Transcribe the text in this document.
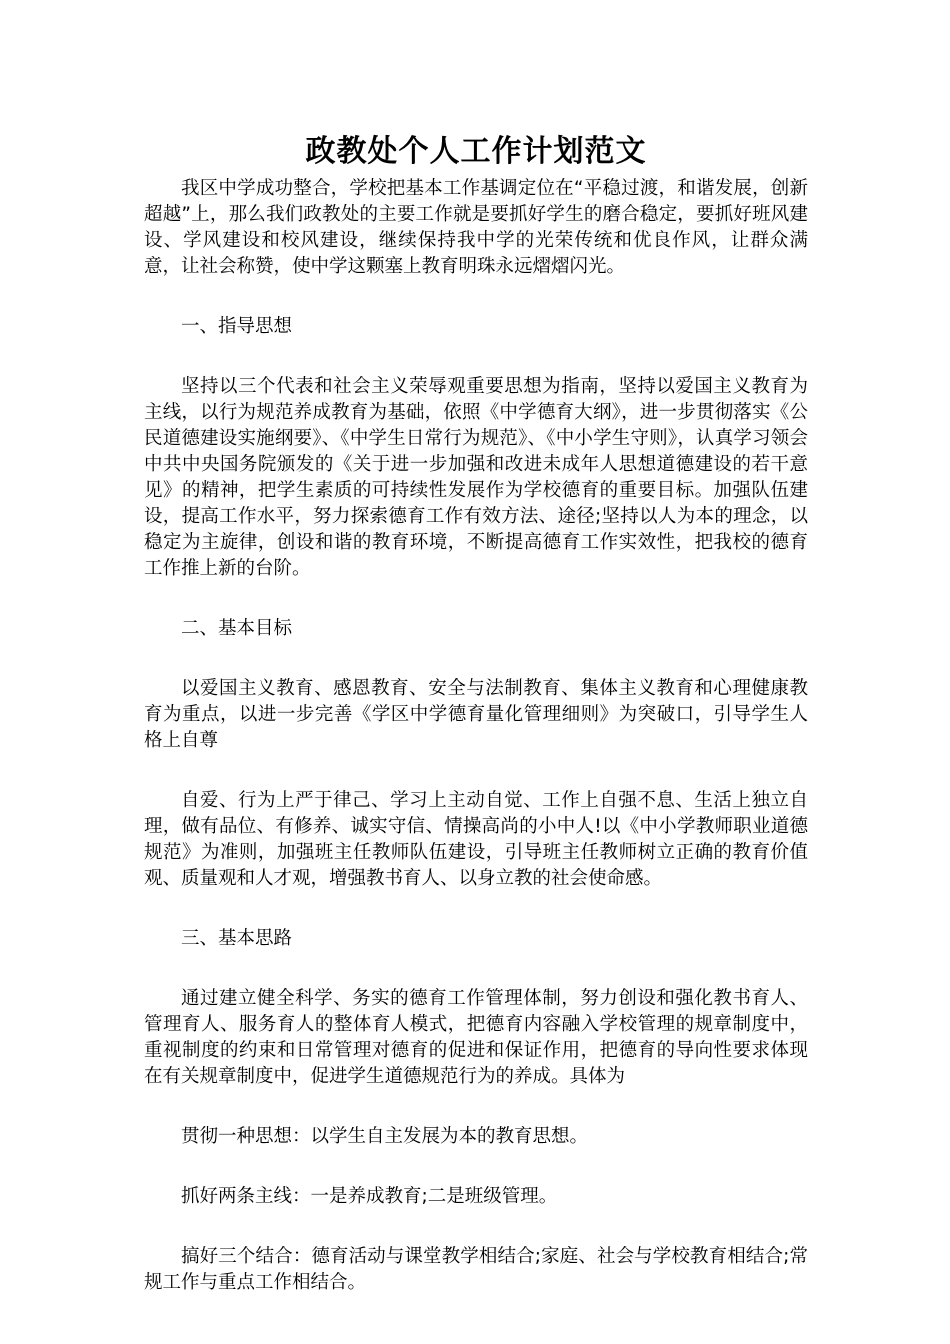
政教处个人工作计划范文

我区中学成功整合，学校把基本工作基调定位在“平稳过渡，和谐发展，创新超越”上，那么我们政教处的主要工作就是要抓好学生的磨合稳定，要抓好班风建设、学风建设和校风建设，继续保持我中学的光荣传统和优良作风，让群众满意，让社会称赞，使中学这颗塞上教育明珠永远熠熠闪光。

一、指导思想

坚持以三个代表和社会主义荣辱观重要思想为指南，坚持以爱国主义教育为主线，以行为规范养成教育为基础，依照《中学德育大纲》，进一步贯彻落实《公民道德建设实施纲要》、《中学生日常行为规范》、《中小学生守则》，认真学习领会中共中央国务院颁发的《关于进一步加强和改进未成年人思想道德建设的若干意见》的精神，把学生素质的可持续性发展作为学校德育的重要目标。加强队伍建设，提高工作水平，努力探索德育工作有效方法、途径;坚持以人为本的理念，以稳定为主旋律，创设和谐的教育环境，不断提高德育工作实效性，把我校的德育工作推上新的台阶。

二、基本目标

以爱国主义教育、感恩教育、安全与法制教育、集体主义教育和心理健康教育为重点，以进一步完善《学区中学德育量化管理细则》为突破口，引导学生人格上自尊

自爱、行为上严于律己、学习上主动自觉、工作上自强不息、生活上独立自理，做有品位、有修养、诚实守信、情操高尚的小中人!以《中小学教师职业道德规范》为准则，加强班主任教师队伍建设，引导班主任教师树立正确的教育价值观、质量观和人才观，增强教书育人、以身立教的社会使命感。

三、基本思路

通过建立健全科学、务实的德育工作管理体制，努力创设和强化教书育人、管理育人、服务育人的整体育人模式，把德育内容融入学校管理的规章制度中，重视制度的约束和日常管理对德育的促进和保证作用，把德育的导向性要求体现在有关规章制度中，促进学生道德规范行为的养成。具体为

贯彻一种思想：以学生自主发展为本的教育思想。

抓好两条主线：一是养成教育;二是班级管理。

搞好三个结合：德育活动与课堂教学相结合;家庭、社会与学校教育相结合;常规工作与重点工作相结合。
